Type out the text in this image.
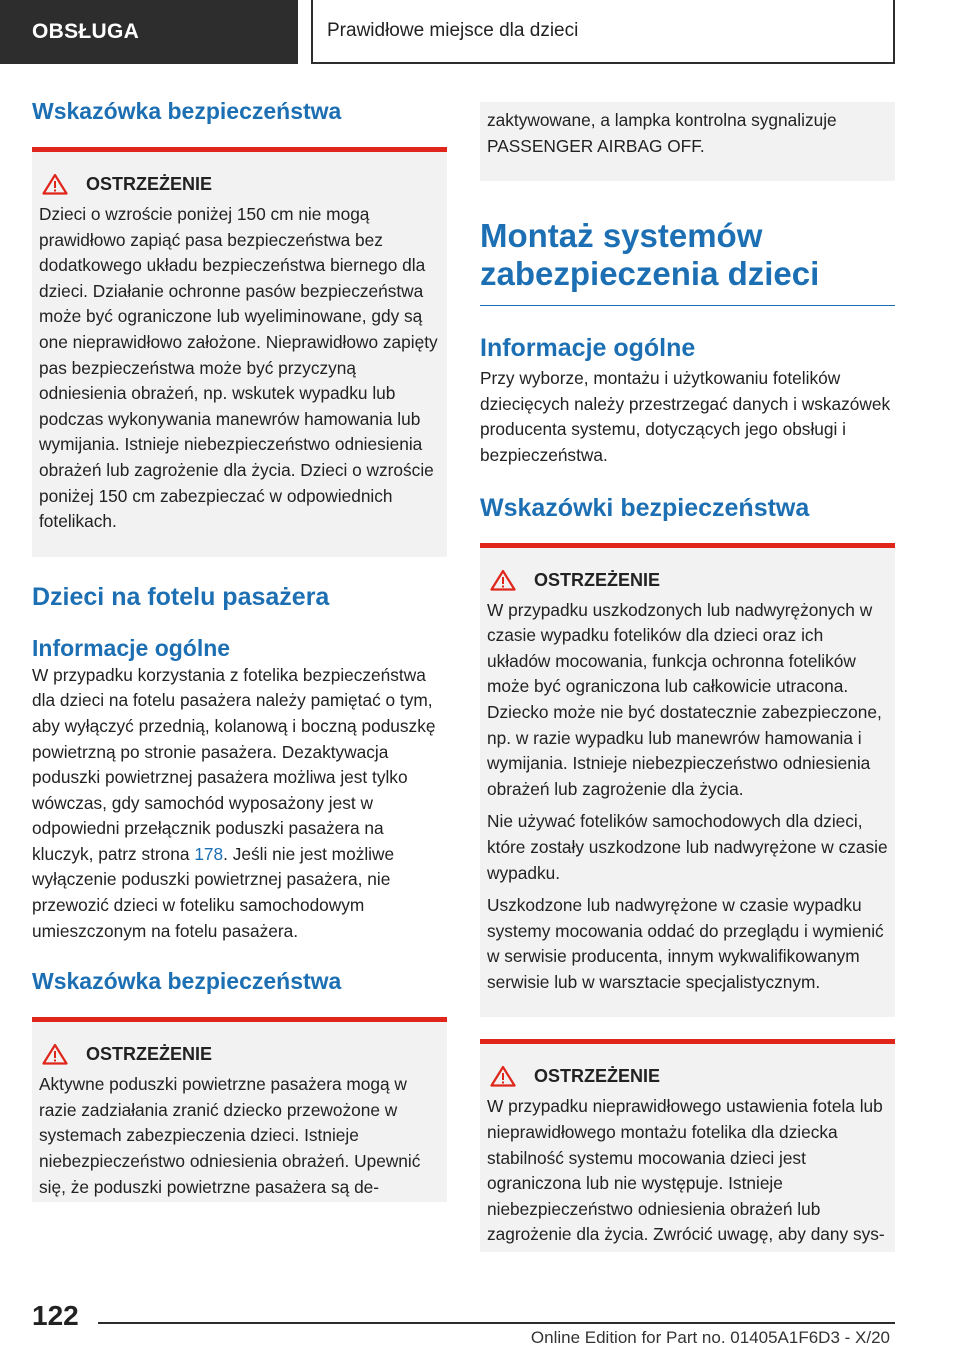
OBSŁUGA	Prawidłowe miejsce dla dzieci
Wskazówka bezpieczeństwa
OSTRZEŻENIE

Dzieci o wzroście poniżej 150 cm nie mogą prawidłowo zapiąć pasa bezpieczeństwa bez dodatkowego układu bezpieczeństwa biernego dla dzieci. Działanie ochronne pasów bezpieczeństwa może być ograniczone lub wyeliminowane, gdy są one nieprawidłowo założone. Nieprawidłowo zapięty pas bezpieczeństwa może być przyczyną odniesienia obrażeń, np. wskutek wypadku lub podczas wykonywania manewrów hamowania lub wymijania. Istnieje niebezpieczeństwo odniesienia obrażeń lub zagrożenie dla życia. Dzieci o wzroście poniżej 150 cm zabezpieczać w odpowiednich fotelikach.

Dzieci na fotelu pasażera
Informacje ogólne

W przypadku korzystania z fotelika bezpieczeństwa dla dzieci na fotelu pasażera należy pamiętać o tym, aby wyłączyć przednią, kolanową i boczną poduszkę powietrzną po stronie pasażera. Dezaktywacja poduszki powietrznej pasażera możliwa jest tylko wówczas, gdy samochód wyposażony jest w odpowiedni przełącznik poduszki pasażera na kluczyk, patrz strona 178. Jeśli nie jest możliwe wyłączenie poduszki powietrznej pasażera, nie przewozić dzieci w foteliku samochodowym umieszczonym na fotelu pasażera.

Wskazówka bezpieczeństwa
OSTRZEŻENIE

Aktywne poduszki powietrzne pasażera mogą w razie zadziałania zranić dziecko przewożone w systemach zabezpieczenia dzieci. Istnieje niebezpieczeństwo odniesienia obrażeń. Upewnić się, że poduszki powietrzne pasażera są de-

zaktywowane, a lampka kontrolna sygnalizuje PASSENGER AIRBAG OFF.

Montaż systemów zabezpieczenia dzieci
Informacje ogólne

Przy wyborze, montażu i użytkowaniu fotelików dziecięcych należy przestrzegać danych i wskazówek producenta systemu, dotyczących jego obsługi i bezpieczeństwa.

Wskazówki bezpieczeństwa
OSTRZEŻENIE

W przypadku uszkodzonych lub nadwyrężonych w czasie wypadku fotelików dla dzieci oraz ich układów mocowania, funkcja ochronna fotelików może być ograniczona lub całkowicie utracona. Dziecko może nie być dostatecznie zabezpieczone, np. w razie wypadku lub manewrów hamowania i wymijania. Istnieje niebezpieczeństwo odniesienia obrażeń lub zagrożenie dla życia.

Nie używać fotelików samochodowych dla dzieci, które zostały uszkodzone lub nadwyrężone w czasie wypadku.

Uszkodzone lub nadwyrężone w czasie wypadku systemy mocowania oddać do przeglądu i wymienić w serwisie producenta, innym wykwalifikowanym serwisie lub w warsztacie specjalistycznym.

OSTRZEŻENIE

W przypadku nieprawidłowego ustawienia fotela lub nieprawidłowego montażu fotelika dla dziecka stabilność systemu mocowania dzieci jest ograniczona lub nie występuje. Istnieje niebezpieczeństwo odniesienia obrażeń lub zagrożenie dla życia. Zwrócić uwagę, aby dany sys-

122
Online Edition for Part no. 01405A1F6D3 - X/20
